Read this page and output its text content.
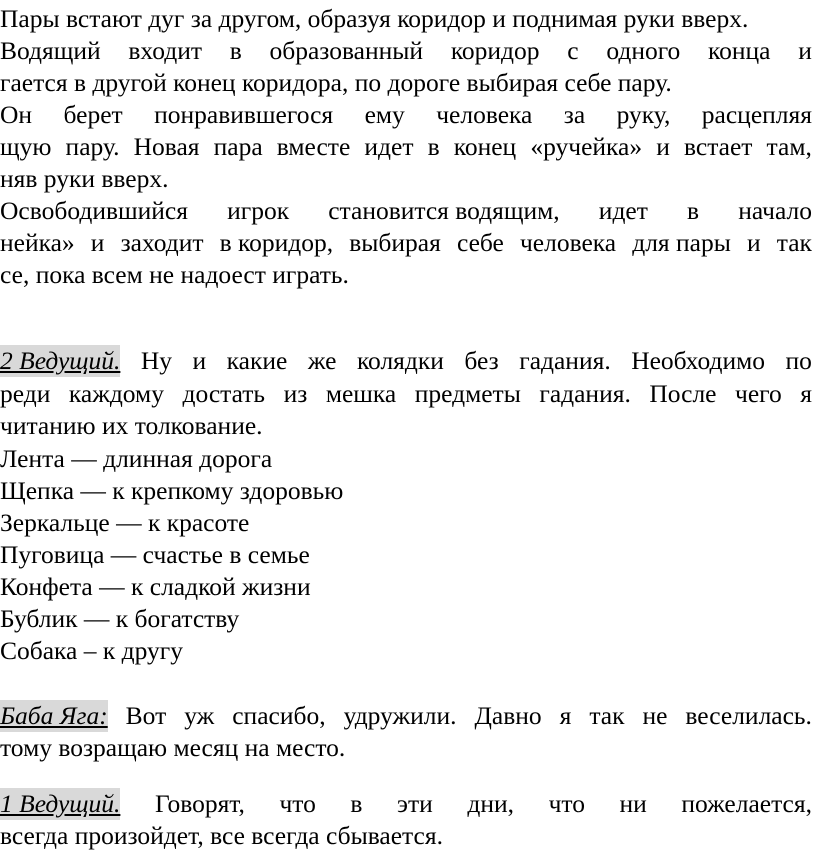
Пары встают дуг за другом, образуя коридор и поднимая руки вверх.
Водящий входит в образованный коридор с одного конца и
гается в другой конец коридора, по дороге выбирая себе пару.
Он берет понравившегося ему человека за руку, расцепляя
щую пару. Новая пара вместе идет в конец «ручейка» и встает там,
няв руки вверх.
Освободившийся игрок становится водящим, идет в начало
нейка» и заходит в коридор, выбирая себе человека для пары и так
се, пока всем не надоест играть.
2 Ведущий. Ну и какие же колядки без гадания. Необходимо по
реди каждому достать из мешка предметы гадания. После чего я
читанию их толкование.
Лента — длинная дорога
Щепка — к крепкому здоровью
Зеркальце — к красоте
Пуговица — счастье в семье
Конфета — к сладкой жизни
Бублик — к богатству
Собака – к другу
Баба Яга: Вот уж спасибо, удружили. Давно я так не веселилась.
тому возращаю месяц на место.
1 Ведущий. Говорят, что в эти дни, что ни пожелается,
всегда произойдет, все всегда сбывается.
